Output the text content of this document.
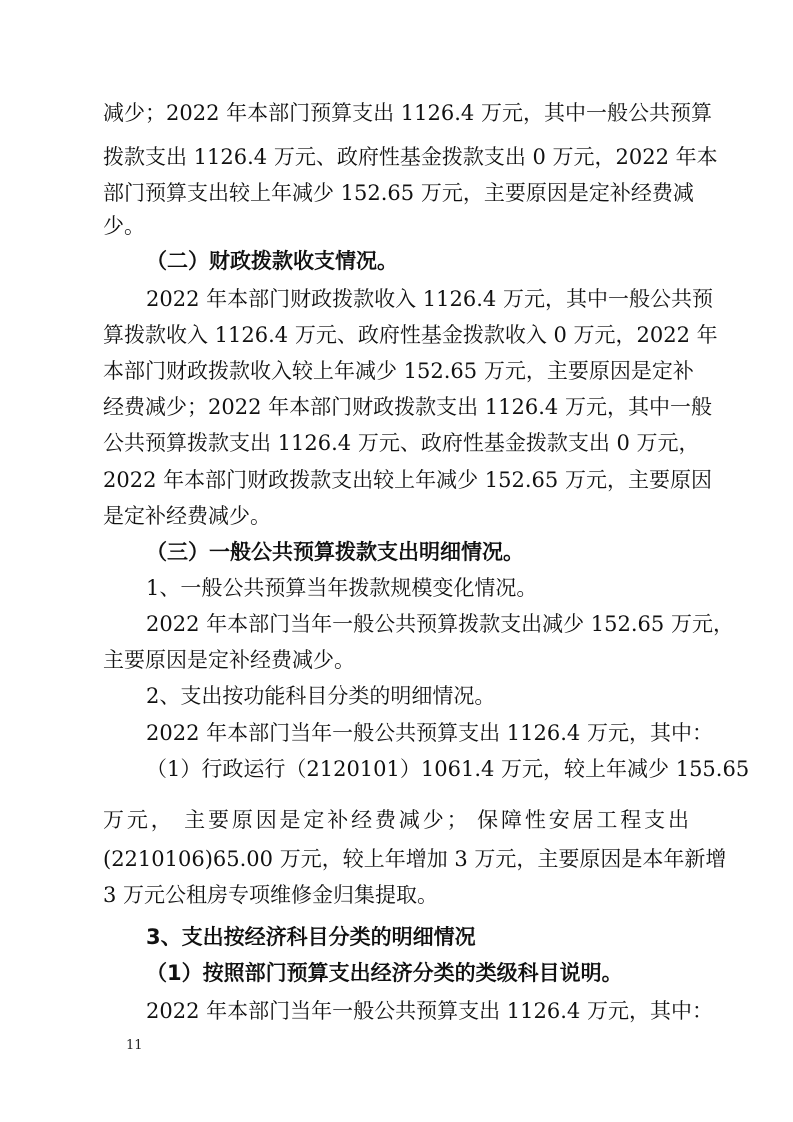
减少；2022 年本部门预算支出 1126.4 万元，其中一般公共预算
拨款支出 1126.4 万元、政府性基金拨款支出 0 万元，2022 年本
部门预算支出较上年减少 152.65 万元，主要原因是定补经费减
少。
（二）财政拨款收支情况。
2022 年本部门财政拨款收入 1126.4 万元，其中一般公共预
算拨款收入 1126.4 万元、政府性基金拨款收入 0 万元，2022 年
本部门财政拨款收入较上年减少 152.65 万元，主要原因是定补
经费减少；2022 年本部门财政拨款支出 1126.4 万元，其中一般
公共预算拨款支出 1126.4 万元、政府性基金拨款支出 0 万元，
2022 年本部门财政拨款支出较上年减少 152.65 万元，主要原因
是定补经费减少。
（三）一般公共预算拨款支出明细情况。
1、一般公共预算当年拨款规模变化情况。
2022 年本部门当年一般公共预算拨款支出减少 152.65 万元，
主要原因是定补经费减少。
2、支出按功能科目分类的明细情况。
2022 年本部门当年一般公共预算支出 1126.4 万元，其中：
（1）行政运行（2120101）1061.4 万元，较上年减少 155.65
万元， 主要原因是定补经费减少； 保障性安居工程支出
(2210106)65.00 万元，较上年增加 3 万元，主要原因是本年新增
3 万元公租房专项维修金归集提取。
3、支出按经济科目分类的明细情况
（1）按照部门预算支出经济分类的类级科目说明。
2022 年本部门当年一般公共预算支出 1126.4 万元，其中：
11
